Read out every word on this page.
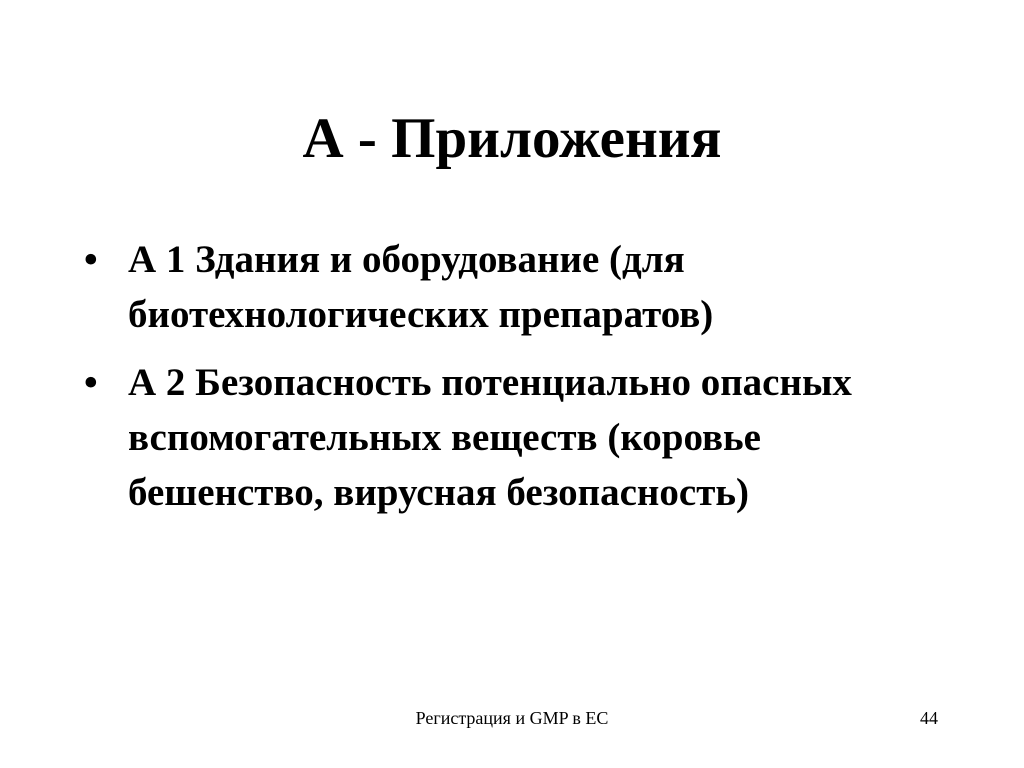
А - Приложения
• А 1 Здания и оборудование (для биотехнологических препаратов)
• А 2 Безопасность потенциально опасных вспомогательных веществ (коровье бешенство, вирусная безопасность)
Регистрация и GMP в ЕС	44
